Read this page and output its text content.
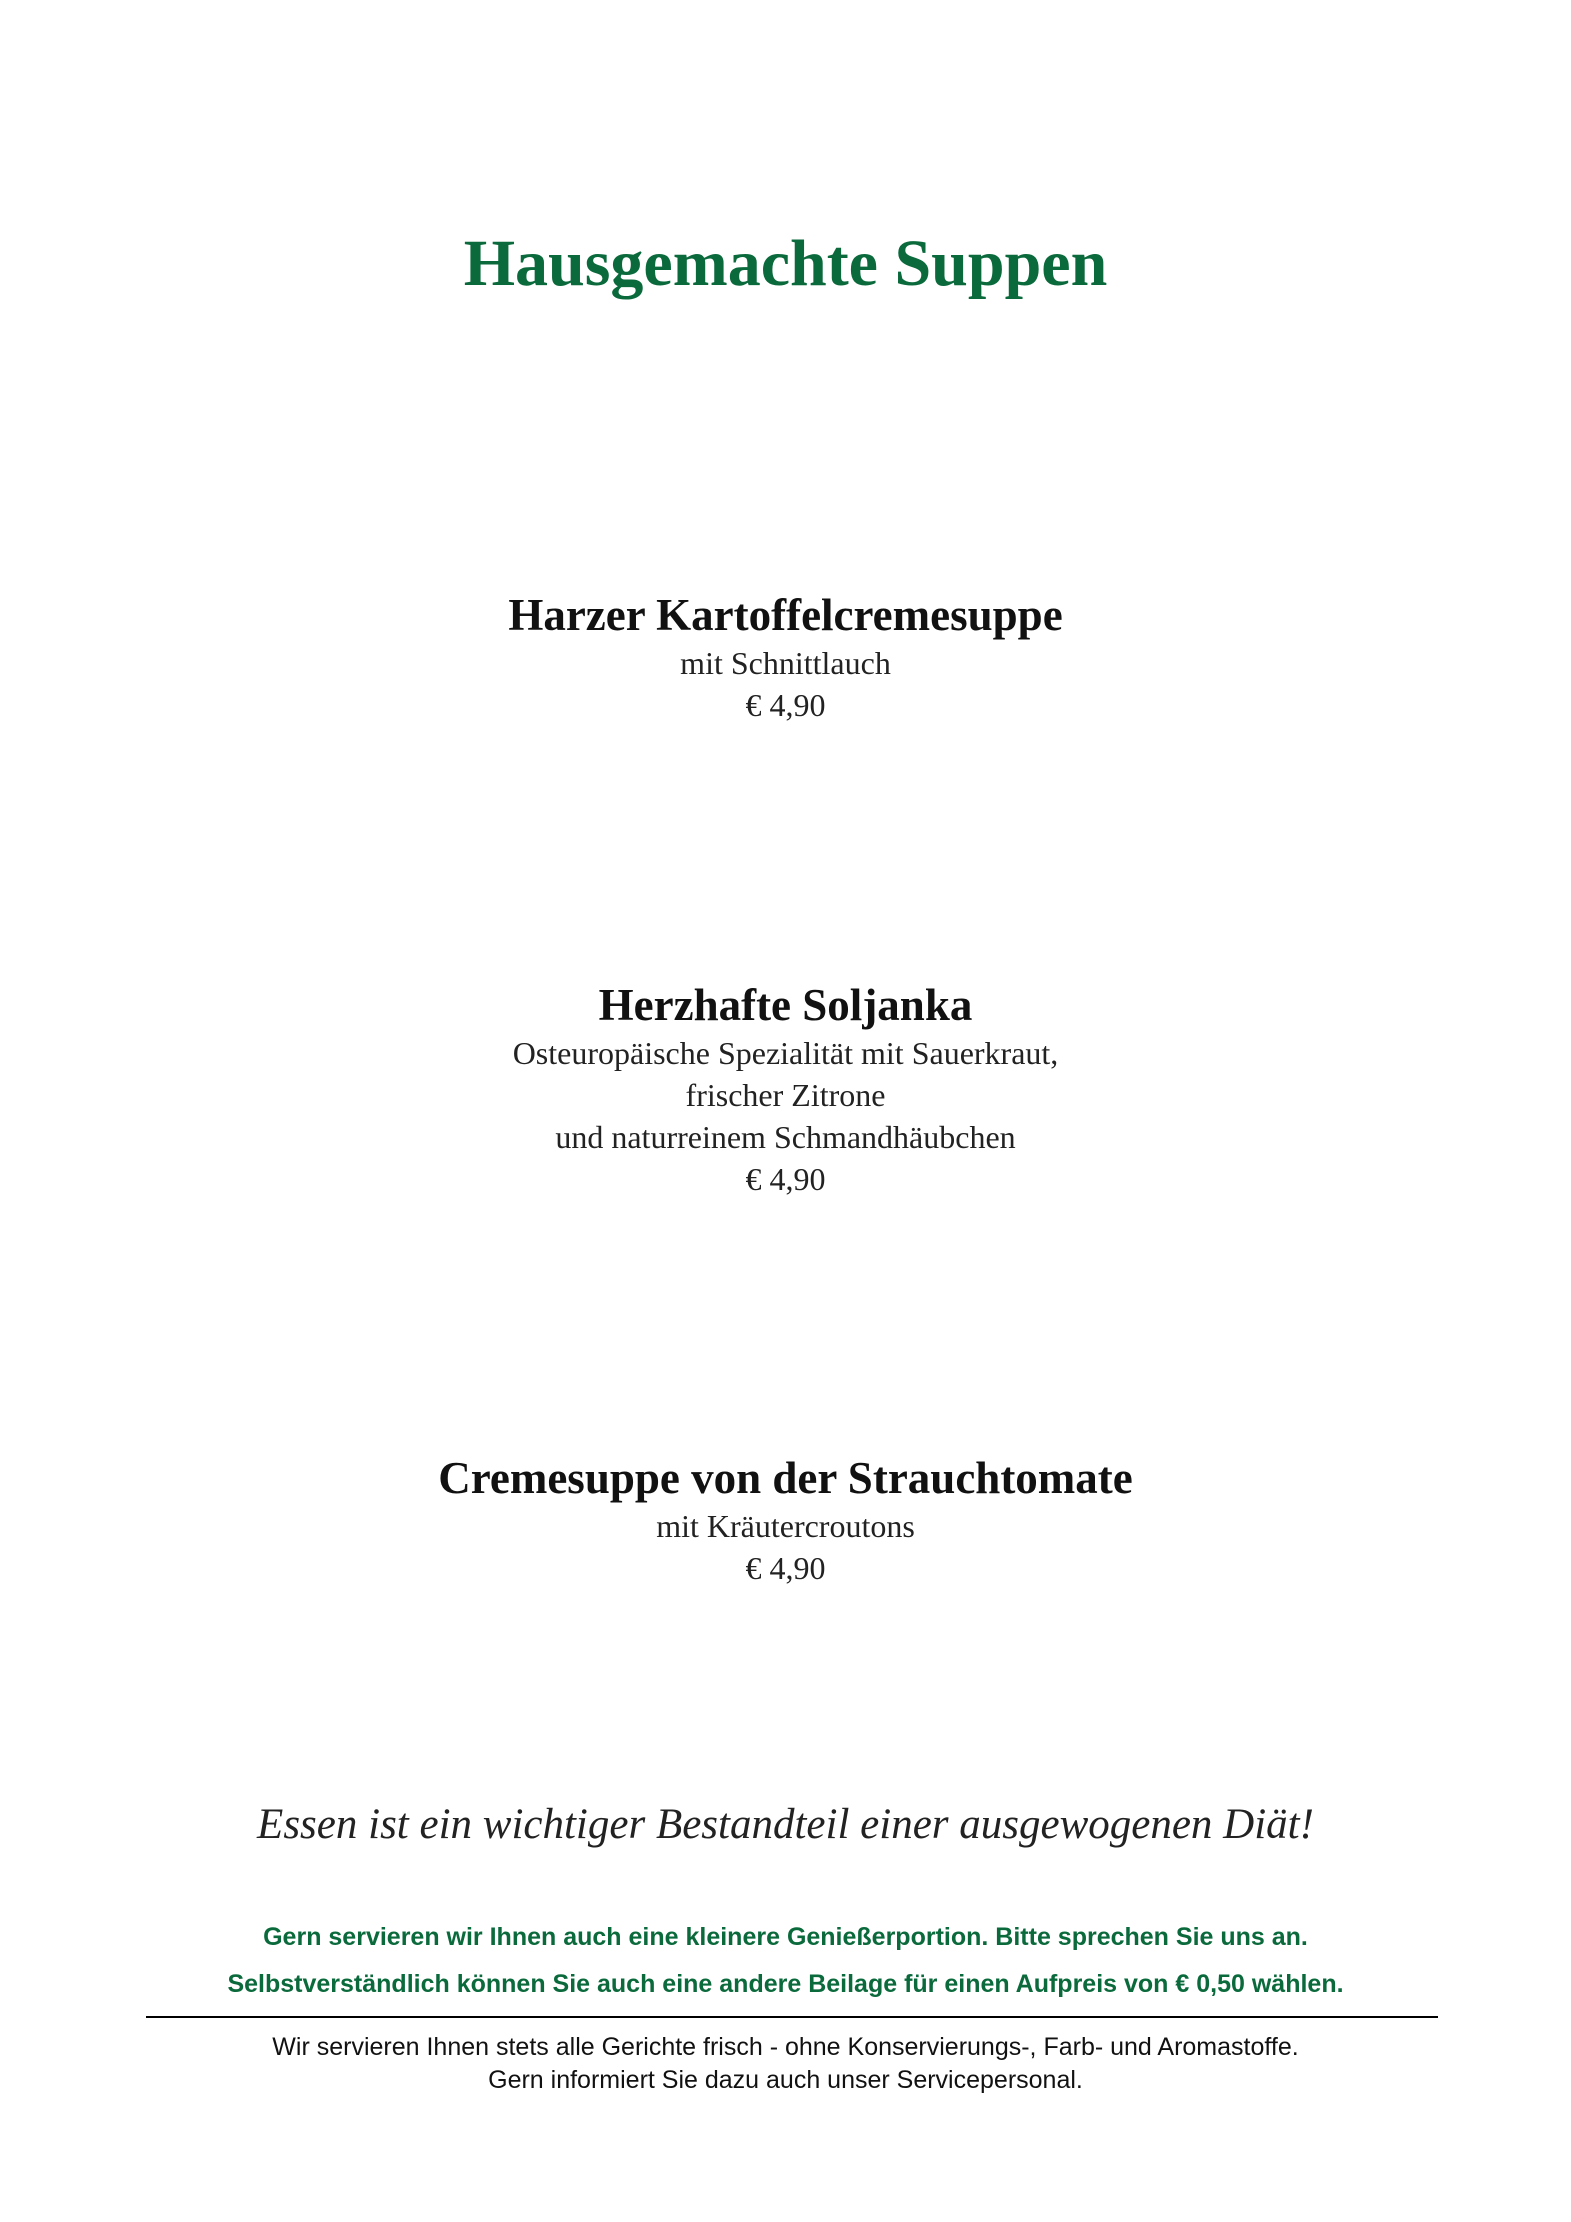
Hausgemachte Suppen
Harzer Kartoffelcremesuppe
mit Schnittlauch
€ 4,90
Herzhafte Soljanka
Osteuropäische Spezialität mit Sauerkraut,
frischer Zitrone
und naturreinem Schmandhäubchen
€ 4,90
Cremesuppe von der Strauchtomate
mit Kräutercroutons
€ 4,90
Essen ist ein wichtiger Bestandteil einer ausgewogenen Diät!
Gern servieren wir Ihnen auch eine kleinere Genießerportion. Bitte sprechen Sie uns an.
Selbstverständlich können Sie auch eine andere Beilage für einen Aufpreis von € 0,50 wählen.
Wir servieren Ihnen stets alle Gerichte frisch - ohne Konservierungs-, Farb- und Aromastoffe.
Gern informiert Sie dazu auch unser Servicepersonal.
